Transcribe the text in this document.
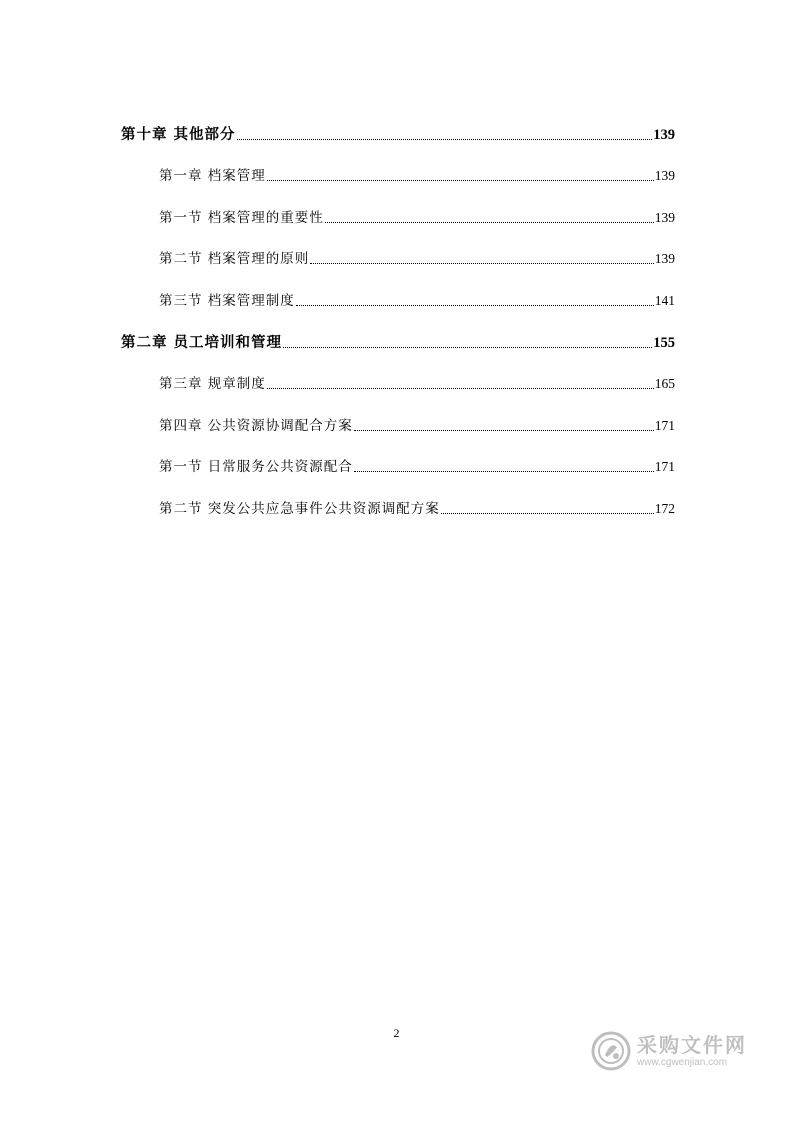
第十章 其他部分	139
第一章 档案管理	139
第一节 档案管理的重要性	139
第二节 档案管理的原则	139
第三节 档案管理制度	141
第二章 员工培训和管理	155
第三章 规章制度	165
第四章 公共资源协调配合方案	171
第一节 日常服务公共资源配合	171
第二节 突发公共应急事件公共资源调配方案	172
2	采购文件网
www.cgwenjian.com
